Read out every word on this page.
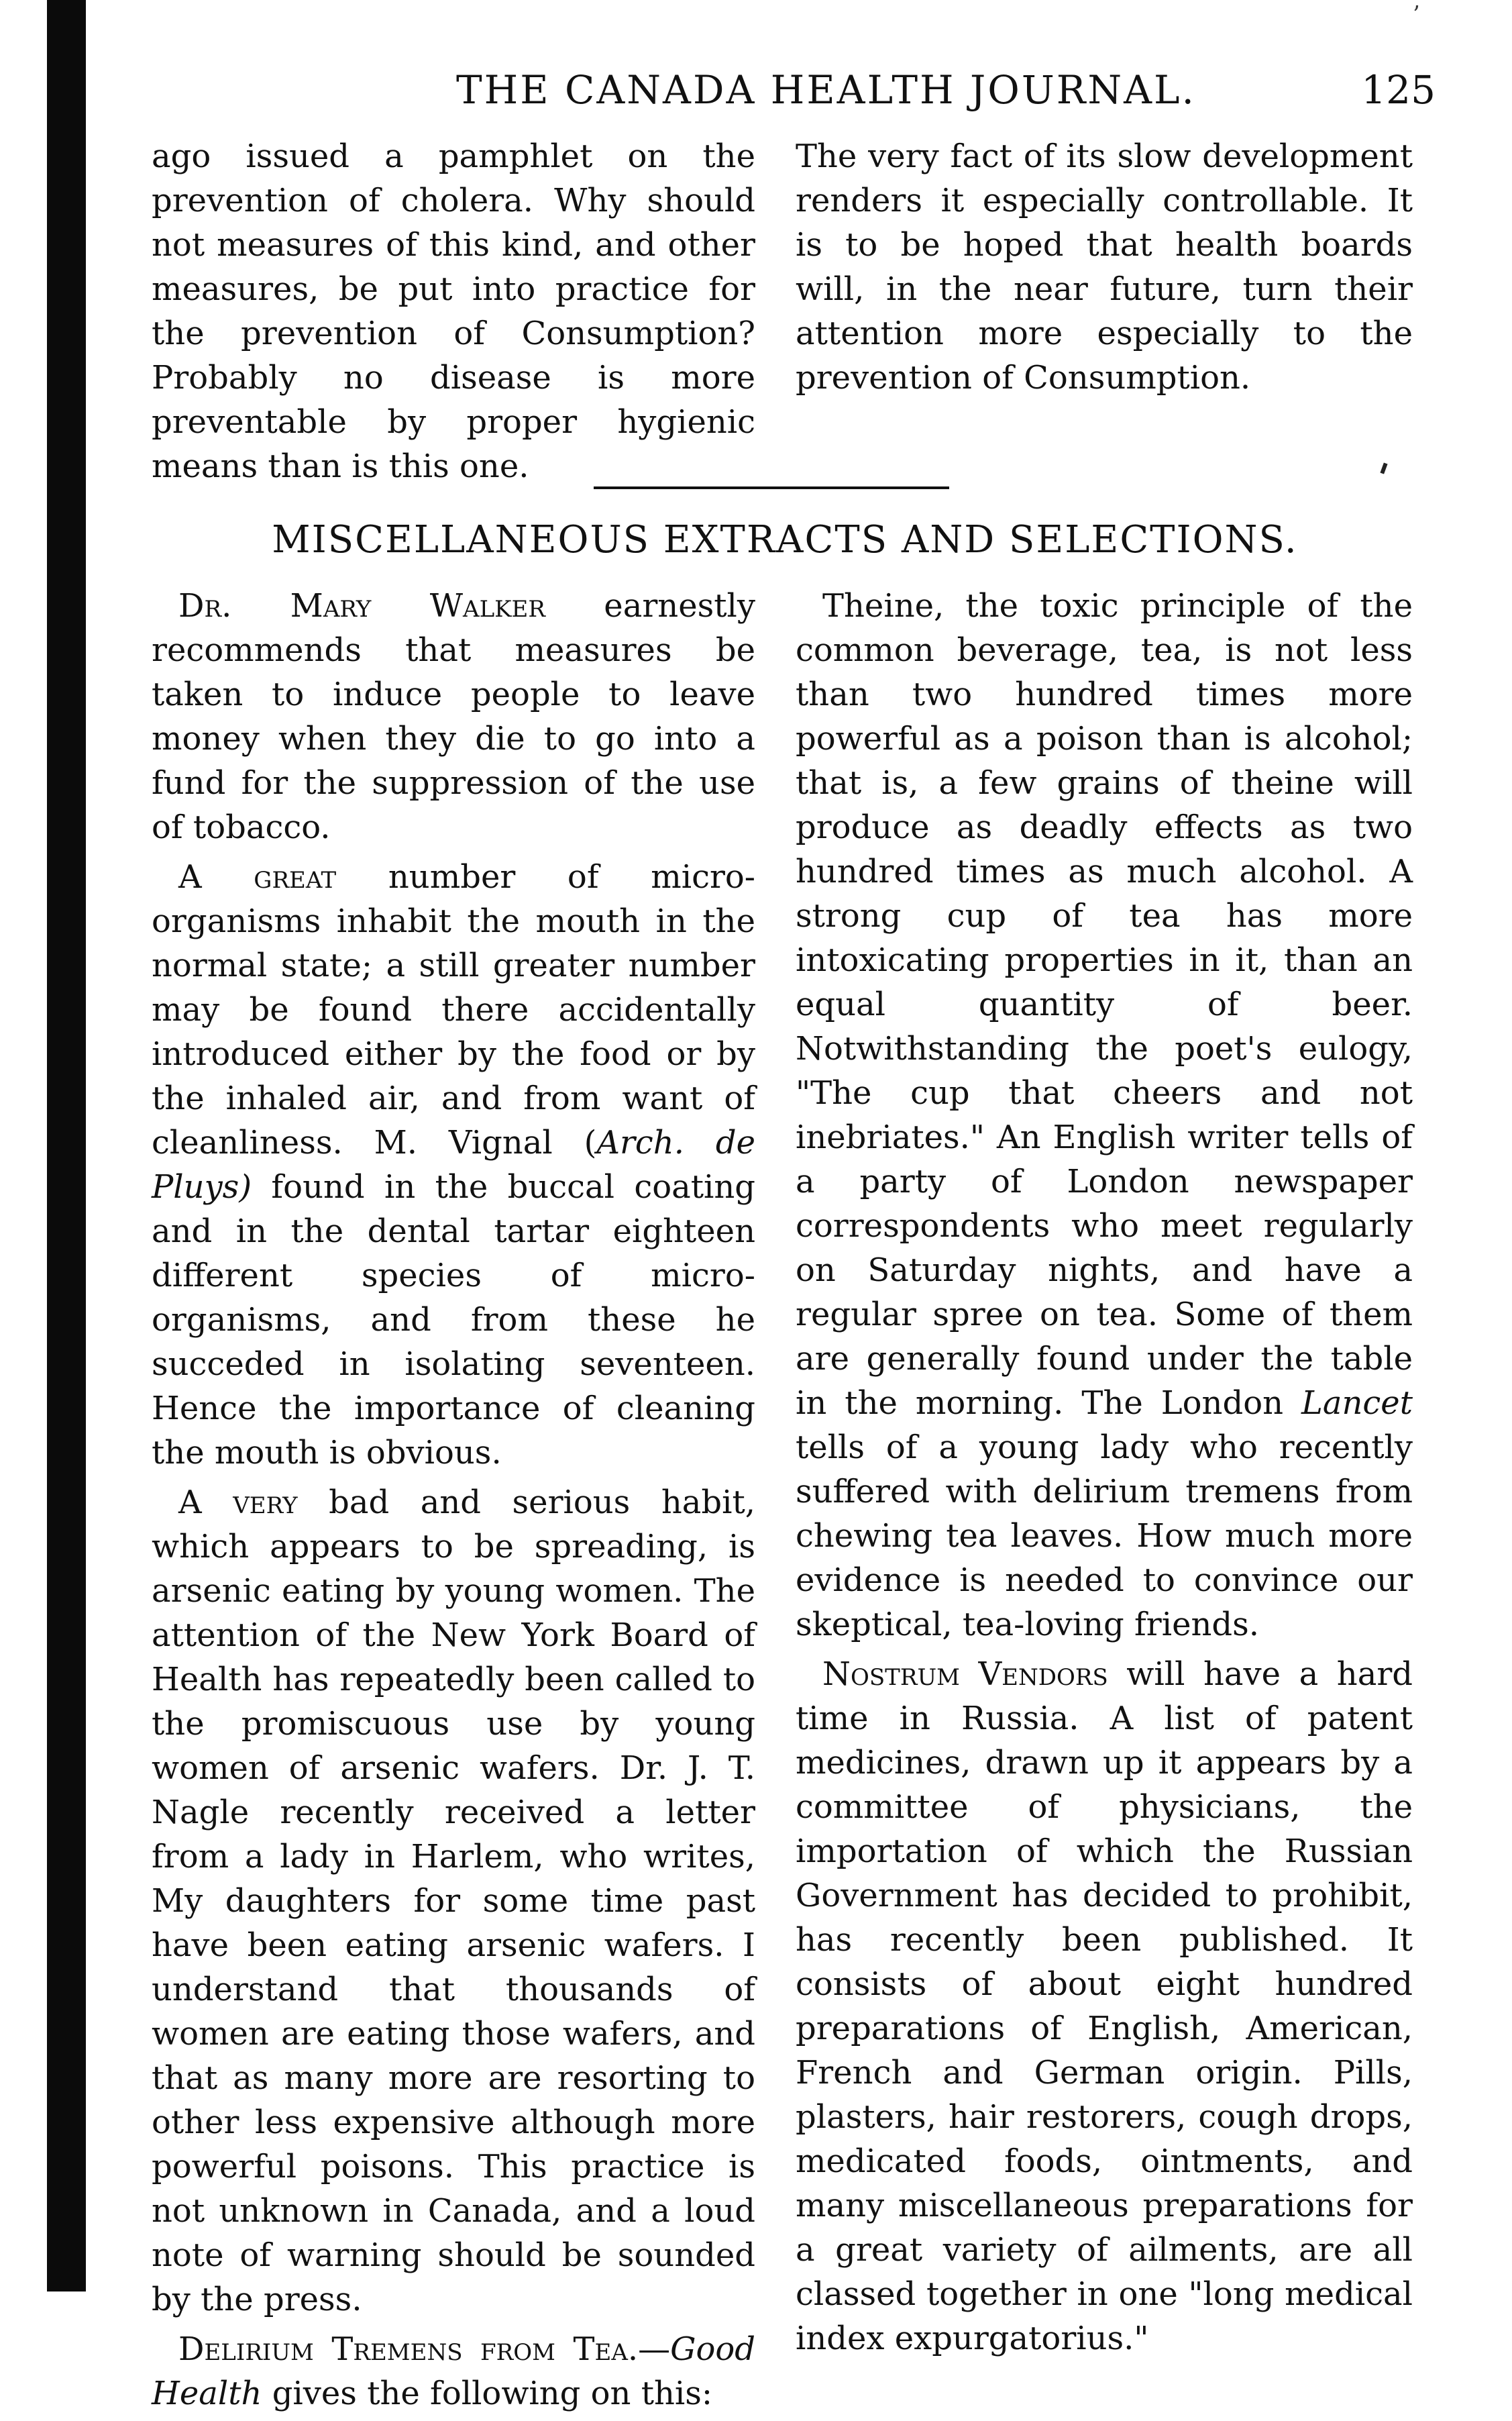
ʼ
THE CANADA HEALTH JOURNAL.	125

ago issued a pamphlet on the prevention of cholera. Why should not measures of this kind, and other measures, be put into practice for the prevention of Consumption? Probably no disease is more preventable by proper hygienic means than is this one.

The very fact of its slow development renders it especially controllable. It is to be hoped that health boards will, in the near future, turn their attention more especially to the prevention of Consumption.

MISCELLANEOUS EXTRACTS AND SELECTIONS.

Dr. Mary Walker earnestly recommends that measures be taken to induce people to leave money when they die to go into a fund for the suppression of the use of tobacco.

A great number of micro-organisms inhabit the mouth in the normal state; a still greater number may be found there accidentally introduced either by the food or by the inhaled air, and from want of cleanliness. M. Vignal (Arch. de Pluys) found in the buccal coating and in the dental tartar eighteen different species of micro-organisms, and from these he succeded in isolating seventeen. Hence the importance of cleaning the mouth is obvious.

A very bad and serious habit, which appears to be spreading, is arsenic eating by young women. The attention of the New York Board of Health has repeatedly been called to the promiscuous use by young women of arsenic wafers. Dr. J. T. Nagle recently received a letter from a lady in Harlem, who writes, My daughters for some time past have been eating arsenic wafers. I understand that thousands of women are eating those wafers, and that as many more are resorting to other less expensive although more powerful poisons. This practice is not unknown in Canada, and a loud note of warning should be sounded by the press.

Delirium Tremens from Tea.—Good Health gives the following on this:

Theine, the toxic principle of the common beverage, tea, is not less than two hundred times more powerful as a poison than is alcohol; that is, a few grains of theine will produce as deadly effects as two hundred times as much alcohol. A strong cup of tea has more intoxicating properties in it, than an equal quantity of beer. Notwithstanding the poet's eulogy, "The cup that cheers and not inebriates." An English writer tells of a party of London newspaper correspondents who meet regularly on Saturday nights, and have a regular spree on tea. Some of them are generally found under the table in the morning. The London Lancet tells of a young lady who recently suffered with delirium tremens from chewing tea leaves. How much more evidence is needed to convince our skeptical, tea-loving friends.

Nostrum Vendors will have a hard time in Russia. A list of patent medicines, drawn up it appears by a committee of physicians, the importation of which the Russian Government has decided to prohibit, has recently been published. It consists of about eight hundred preparations of English, American, French and German origin. Pills, plasters, hair restorers, cough drops, medicated foods, ointments, and many miscellaneous preparations for a great variety of ailments, are all classed together in one "long medical index expurgatorius."
